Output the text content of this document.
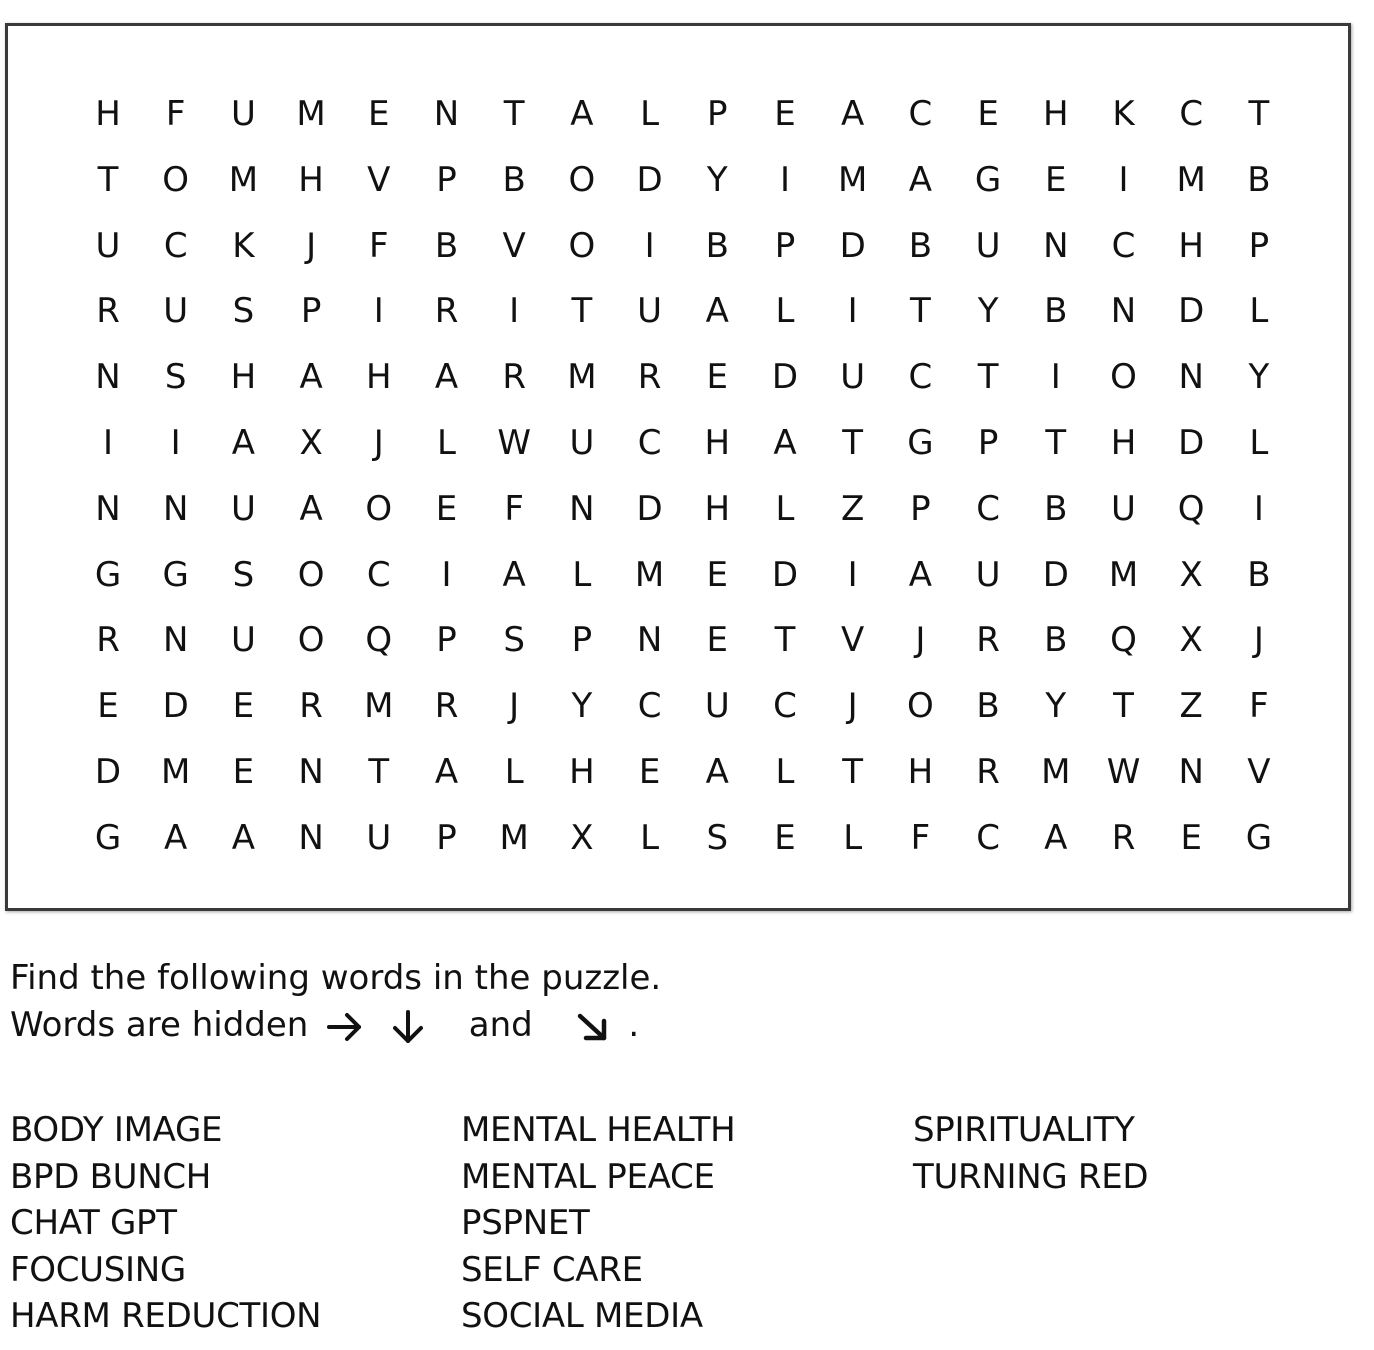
H	F	U	M	E	N	T	A	L	P	E	A	C	E	H	K	C	T
T	O	M	H	V	P	B	O	D	Y	I	M	A	G	E	I	M	B
U	C	K	J	F	B	V	O	I	B	P	D	B	U	N	C	H	P
R	U	S	P	I	R	I	T	U	A	L	I	T	Y	B	N	D	L
N	S	H	A	H	A	R	M	R	E	D	U	C	T	I	O	N	Y
I	I	A	X	J	L	W	U	C	H	A	T	G	P	T	H	D	L
N	N	U	A	O	E	F	N	D	H	L	Z	P	C	B	U	Q	I
G	G	S	O	C	I	A	L	M	E	D	I	A	U	D	M	X	B
R	N	U	O	Q	P	S	P	N	E	T	V	J	R	B	Q	X	J
E	D	E	R	M	R	J	Y	C	U	C	J	O	B	Y	T	Z	F
D	M	E	N	T	A	L	H	E	A	L	T	H	R	M	W	N	V
G	A	A	N	U	P	M	X	L	S	E	L	F	C	A	R	E	G
Find the following words in the puzzle.
Words are hidden
	and	.
BODY IMAGE
BPD BUNCH
CHAT GPT
FOCUSING
HARM REDUCTION
MENTAL HEALTH
MENTAL PEACE
PSPNET
SELF CARE
SOCIAL MEDIA
SPIRITUALITY
TURNING RED
